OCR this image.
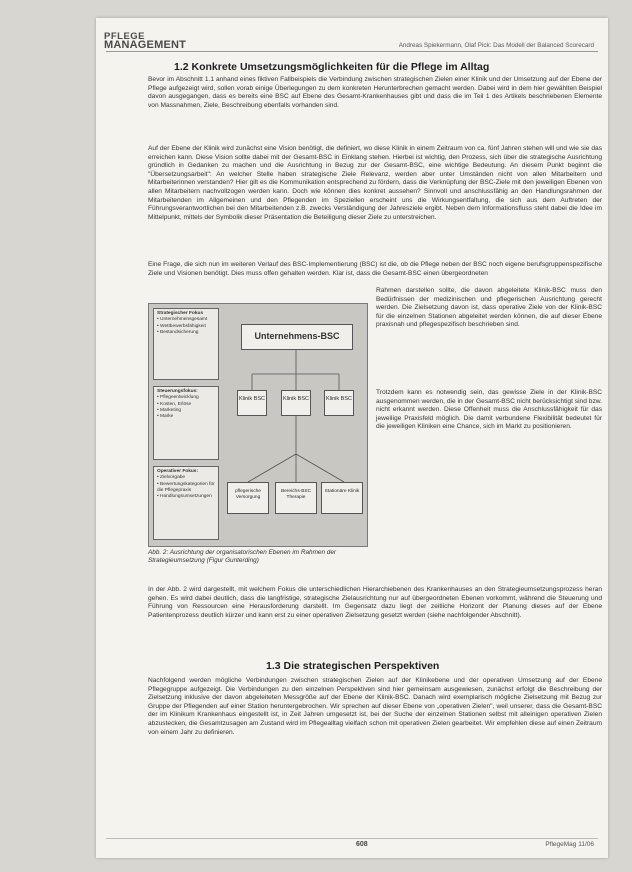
PFLEGE
MANAGEMENT	Andreas Spiekermann, Olaf Pick: Das Modell der Balanced Scorecard
1.2 Konkrete Umsetzungsmöglichkeiten für die Pflege im Alltag

Bevor im Abschnitt 1.1 anhand eines fiktiven Fallbeispiels die Verbindung zwischen strategischen Zielen einer Klinik und der Umsetzung auf der Ebene der Pflege aufgezeigt wird, sollen vorab einige Überlegungen zu dem konkreten Herunterbrechen gemacht werden. Dabei wird in dem hier gewählten Beispiel davon ausgegangen, dass es bereits eine BSC auf Ebene des Gesamt-Krankenhauses gibt und dass die im Teil 1 des Artikels beschriebenen Elemente von Massnahmen, Ziele, Beschreibung ebenfalls vorhanden sind.

Auf der Ebene der Klinik wird zunächst eine Vision benötigt, die definiert, wo diese Klinik in einem Zeitraum von ca. fünf Jahren stehen will und wie sie das erreichen kann. Diese Vision sollte dabei mit der Gesamt-BSC in Einklang stehen. Hierbei ist wichtig, den Prozess, sich über die strategische Ausrichtung gründlich in Gedanken zu machen und die Ausrichtung in Bezug zur der Gesamt-BSC, eine wichtige Bedeutung. An diesem Punkt beginnt die "Übersetzungsarbeit": An welcher Stelle haben strategische Ziele Relevanz, werden aber unter Umständen nicht von allen Mitarbeitern und Mitarbeiterinnen verstanden? Hier gilt es die Kommunikation entsprechend zu fördern, dass die Verknüpfung der BSC-Ziele mit den jeweiligen Ebenen von allen Mitarbeitern nachvollzogen werden kann. Doch wie können dies konkret aussehen? Sinnvoll und anschlussfähig an den Handlungsrahmen der Mitarbeitenden im Allgemeinen und den Pflegenden im Speziellen erscheint uns die Wirkungsentfaltung, die sich aus dem Auftreten der Führungsverantwortlichen bei den Mitarbeitenden z.B. zwecks Verständigung der Jahresziele ergibt. Neben dem Informationsfluss steht dabei die Idee im Mittelpunkt, mittels der Symbolik dieser Präsentation die Beteiligung dieser Ziele zu unterstreichen.

Eine Frage, die sich nun im weiteren Verlauf des BSC-Implementierung (BSC) ist die, ob die Pflege neben der BSC noch eigene berufsgruppenspezifische Ziele und Visionen benötigt. Dies muss offen gehalten werden. Klar ist, dass die Gesamt-BSC einen übergeordneten

Strategischer Fokus
• Unternehmensgesamt
• Wettbewerbsfähigkeit
• Bestandsicherung
Steuerungsfokus:
• Pflegeentwicklung
• Kosten, Erlöse
• Marketing
• Marke
Operativer Fokus:
• Zielvorgabe
• Bewertungskategorien für die Pflegepraxis
• Handlungsumsetzungen
Unternehmens-BSC
Klinik BSC	Klinik BSC	Klinik BSC
pflegerische Versorgung
Bereichs-BSC Therapie
Stationäre Klinik
Abb. 2: Ausrichtung der organisatorischen Ebenen im Rahmen der Strategieumsetzung (Figur Gunterding)

Rahmen darstellen sollte, die davon abgeleitete Klinik-BSC muss den Bedürfnissen der medizinischen und pflegerischen Ausrichtung gerecht werden. Die Zielsetzung davon ist, dass operative Ziele von der Klinik-BSC für die einzelnen Stationen abgeleitet werden können, die auf dieser Ebene praxisnah und pflegespezifisch beschrieben sind.

Trotzdem kann es notwendig sein, das gewisse Ziele in der Klinik-BSC ausgenommen werden, die in der Gesamt-BSC nicht berücksichtigt sind bzw. nicht erkannt werden. Diese Offenheit muss die Anschlussfähigkeit für das jeweilige Praxisfeld möglich. Die damit verbundene Flexibilität bedeutet für die jeweiligen Kliniken eine Chance, sich im Markt zu positionieren.

In der Abb. 2 wird dargestellt, mit welchem Fokus die unterschiedlichen Hierarchiebenen des Krankenhauses an den Strategieumsetzungsprozess heran gehen. Es wird dabei deutlich, dass die langfristige, strategische Zielausrichtung nur auf übergeordneten Ebenen vorkommt, während die Steuerung und Führung von Ressourcen eine Herausforderung darstellt. Im Gegensatz dazu liegt der zeitliche Horizont der Planung dieses auf der Ebene Patientenprozess deutlich kürzer und kann erst zu einer operativen Zielsetzung gesetzt werden (siehe nachfolgender Abschnitt).

1.3 Die strategischen Perspektiven

Nachfolgend werden mögliche Verbindungen zwischen strategischen Zielen auf der Klinikebene und der operativen Umsetzung auf der Ebene Pflegegruppe aufgezeigt. Die Verbindungen zu den einzelnen Perspektiven sind hier gemeinsam ausgewiesen, zunächst erfolgt die Beschreibung der Zielsetzung inklusive der davon abgeleiteten Messgröße auf der Ebene der Klinik-BSC. Danach wird exemplarisch mögliche Zielsetzung mit Bezug zur Gruppe der Pflegenden auf einer Station heruntergebrochen. Wir sprechen auf dieser Ebene von „operativen Zielen", weil unserer, dass die Gesamt-BSC der im Klinikum Krankenhaus eingestellt ist, in Zeit Jahren umgesetzt ist, bei der Suche der einzelnen Stationen selbst mit alleinigen operativen Zielen abzustecken, die Gesamtzusagen am Zustand wird im Pflegealltag vielfach schon mit operativen Zielen gearbeitet. Wir empfehlen diese auf einen Zeitraum von einem Jahr zu definieren.

608	PflegeMag 11/06
